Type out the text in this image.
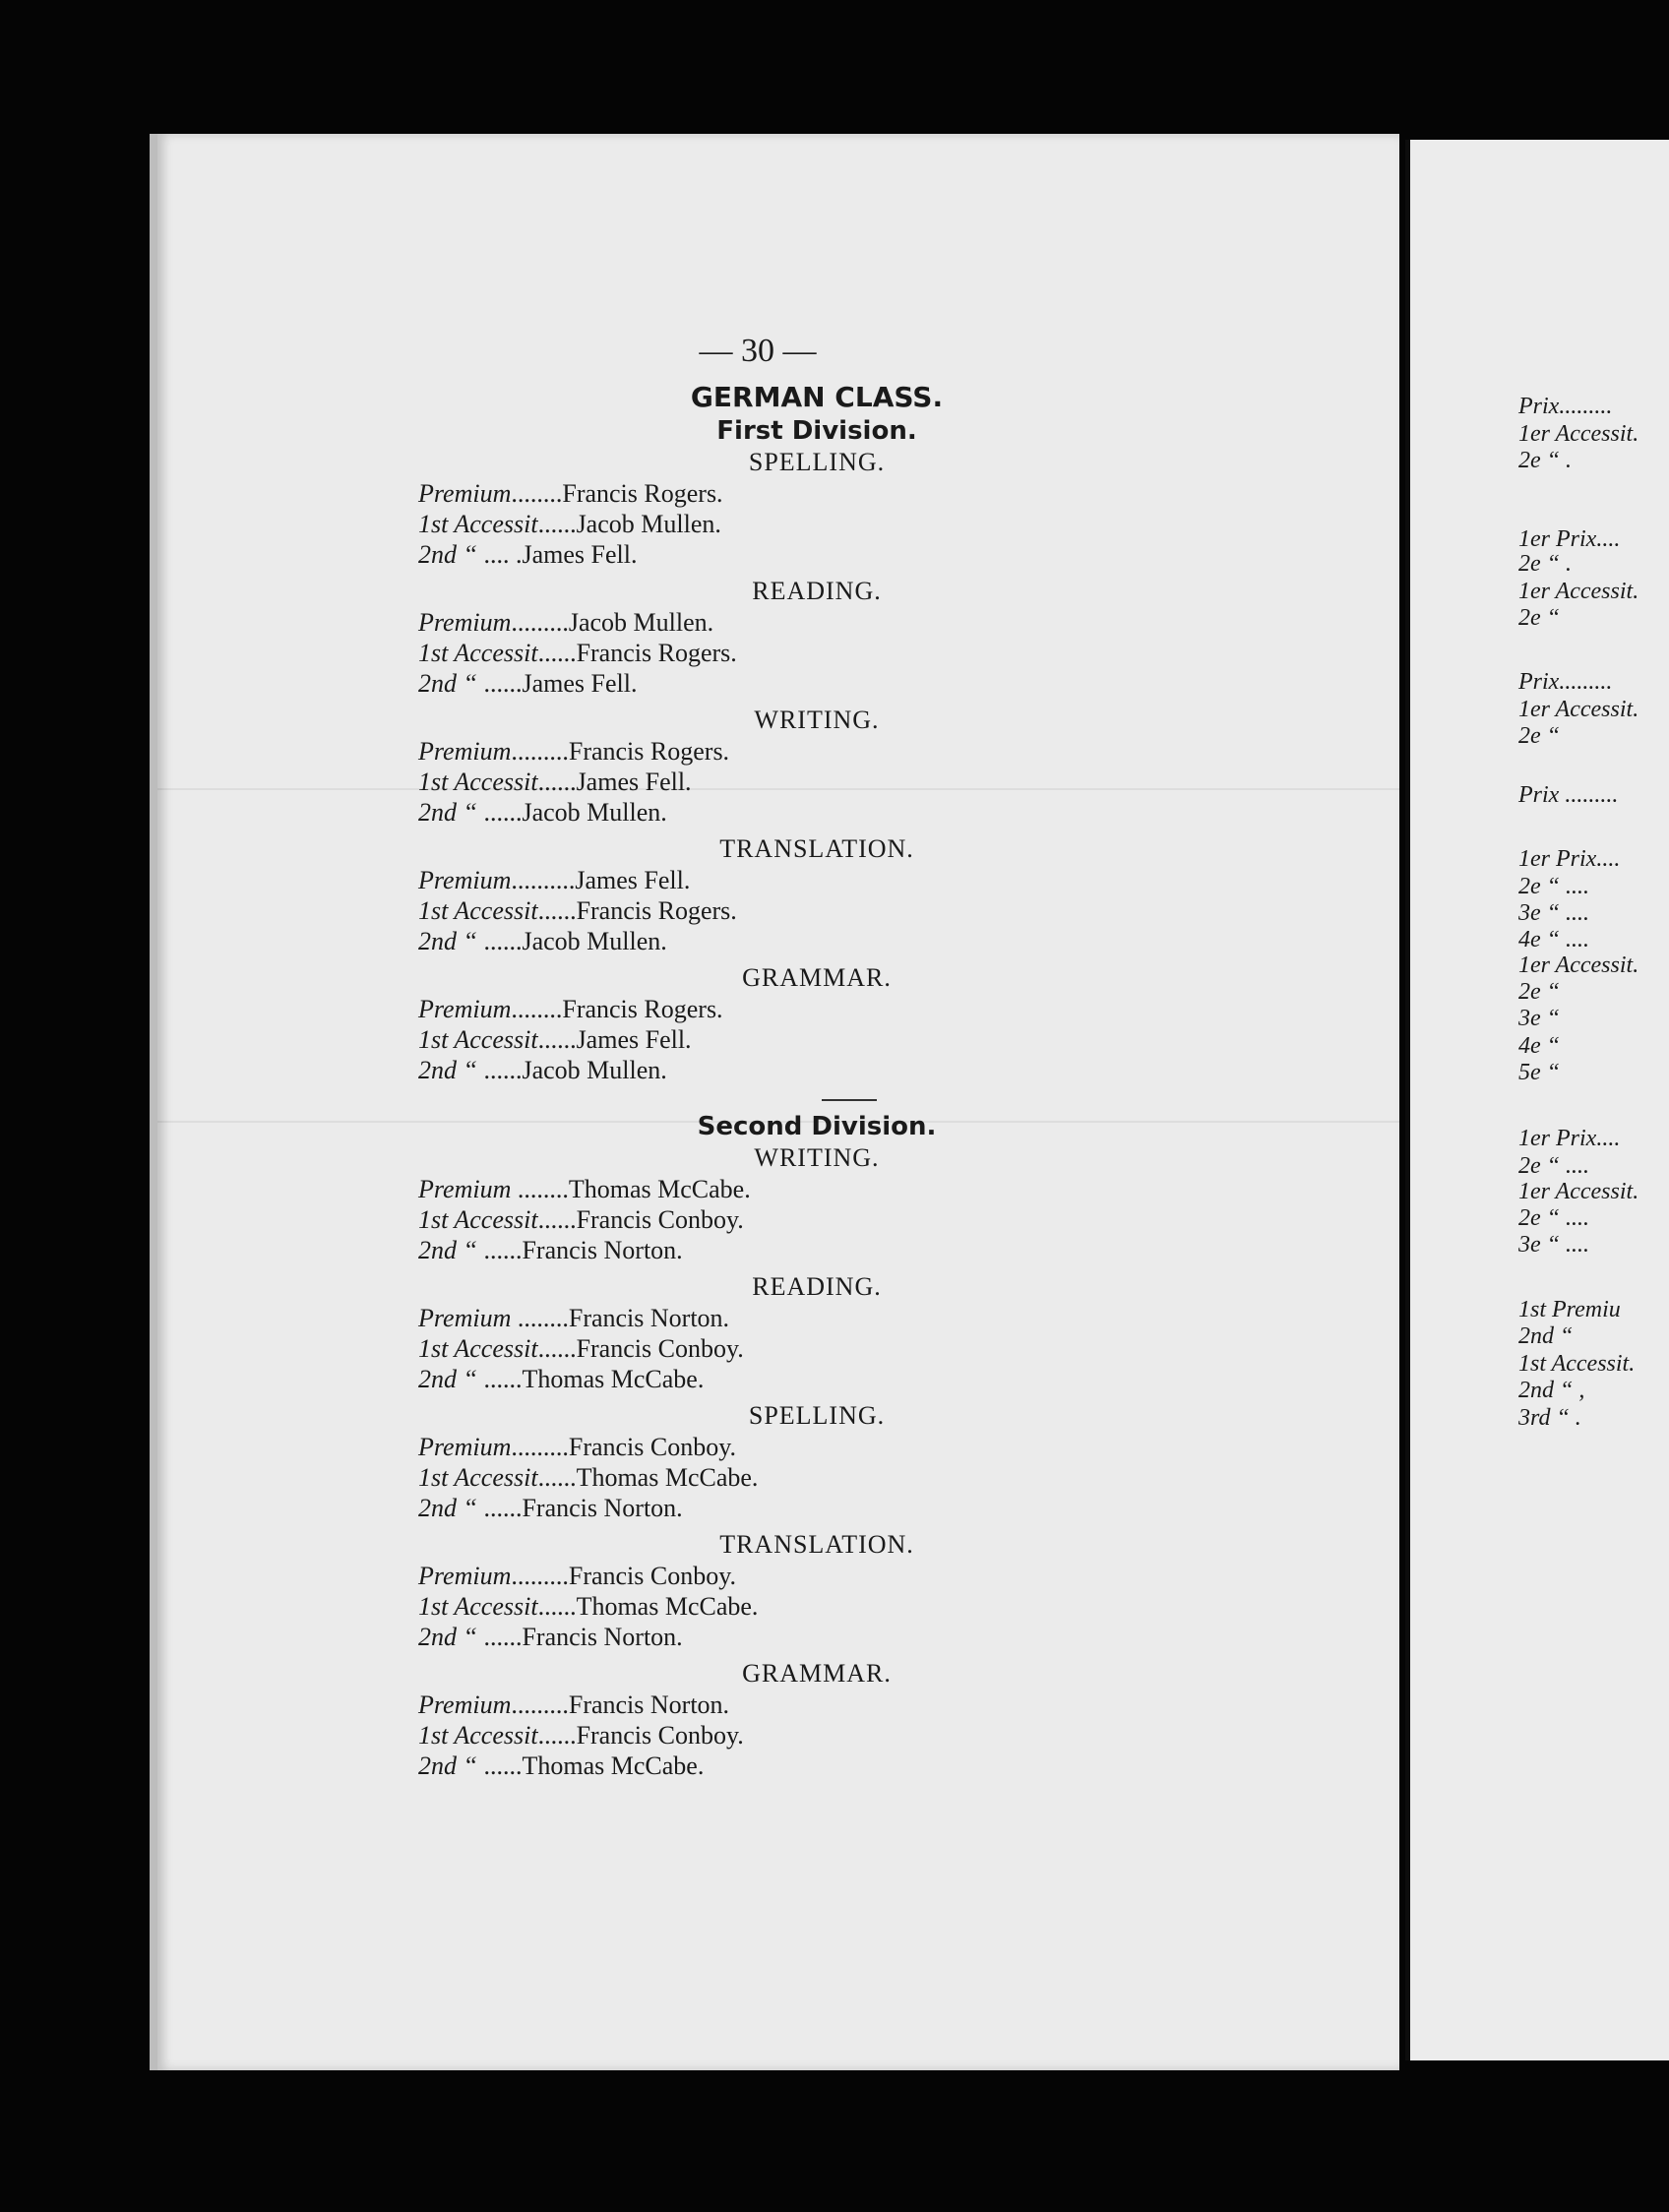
Prix.........
1er Accessit.
2e “ .
1er Prix....
2e “ .
1er Accessit.
2e “
Prix.........
1er Accessit.
2e “
Prix .........
1er Prix....
2e “ ....
3e “ ....
4e “ ....
1er Accessit.
2e “
3e “
4e “
5e “
1er Prix....
2e “ ....
1er Accessit.
2e “ ....
3e “ ....
1st Premiu
2nd “
1st Accessit.
2nd “ ,
3rd “ .
— 30 —
GERMAN CLASS.
First Division.
SPELLING.
Premium........Francis Rogers.
1st Accessit......Jacob Mullen.
2nd “ .... .James Fell.
READING.
Premium.........Jacob Mullen.
1st Accessit......Francis Rogers.
2nd “ ......James Fell.
WRITING.
Premium.........Francis Rogers.
1st Accessit......James Fell.
2nd “ ......Jacob Mullen.
TRANSLATION.
Premium..........James Fell.
1st Accessit......Francis Rogers.
2nd “ ......Jacob Mullen.
GRAMMAR.
Premium........Francis Rogers.
1st Accessit......James Fell.
2nd “ ......Jacob Mullen.
Second Division.
WRITING.
Premium ........Thomas McCabe.
1st Accessit......Francis Conboy.
2nd “ ......Francis Norton.
READING.
Premium ........Francis Norton.
1st Accessit......Francis Conboy.
2nd “ ......Thomas McCabe.
SPELLING.
Premium.........Francis Conboy.
1st Accessit......Thomas McCabe.
2nd “ ......Francis Norton.
TRANSLATION.
Premium.........Francis Conboy.
1st Accessit......Thomas McCabe.
2nd “ ......Francis Norton.
GRAMMAR.
Premium.........Francis Norton.
1st Accessit......Francis Conboy.
2nd “ ......Thomas McCabe.
